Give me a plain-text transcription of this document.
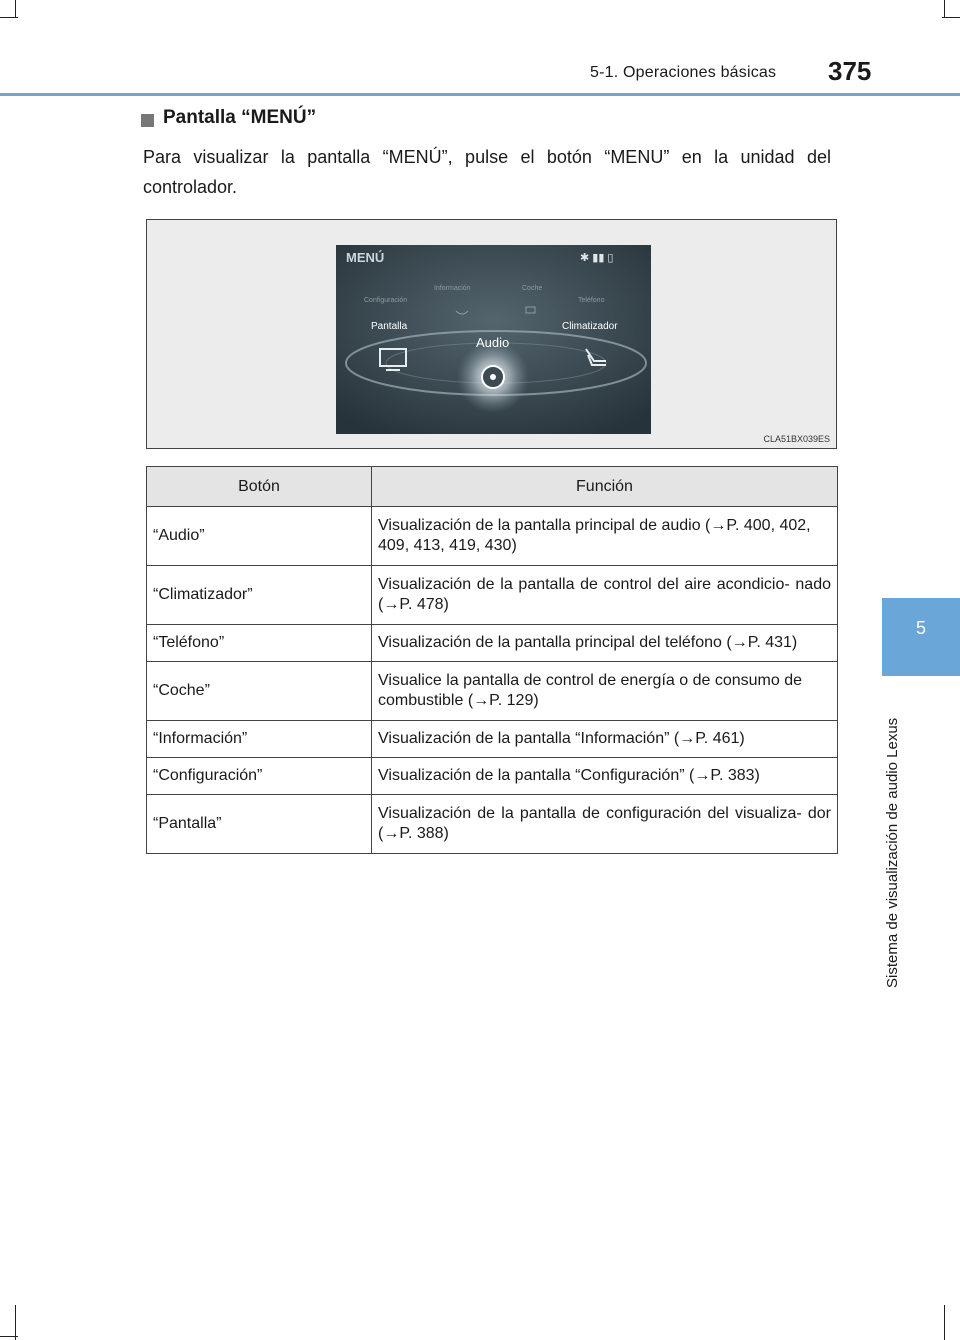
5-1. Operaciones básicas 375
5
Sistema de visualización de audio Lexus
Pantalla “MENÚ”
Para visualizar la pantalla “MENÚ”, pulse el botón “MENU” en la unidad del controlador.
MENÚ	✱ ▮▮ ▯
Configuración
Información	Coche
Teléfono
Pantalla	Climatizador
Audio
CLA51BX039ES
Botón	Función
“Audio”	Visualización de la pantalla principal de audio (→P. 400, 402, 409, 413, 419, 430)
“Climatizador”	Visualización de la pantalla de control del aire acondicio- nado (→P. 478)
“Teléfono”	Visualización de la pantalla principal del teléfono (→P. 431)
“Coche”	Visualice la pantalla de control de energía o de consumo de combustible (→P. 129)
“Información”	Visualización de la pantalla “Información” (→P. 461)
“Configuración”	Visualización de la pantalla “Configuración” (→P. 383)
“Pantalla”	Visualización de la pantalla de configuración del visualiza- dor (→P. 388)
